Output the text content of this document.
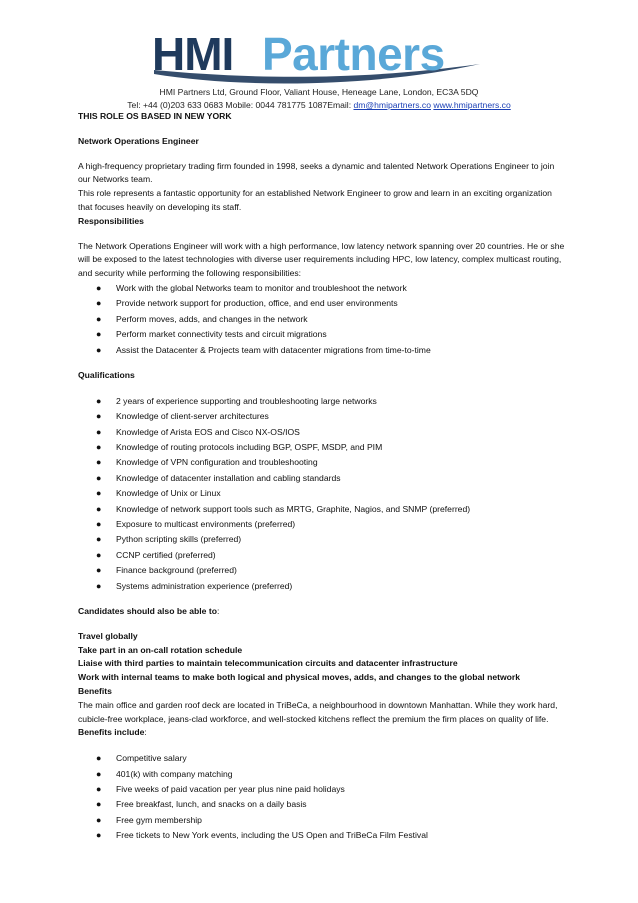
HMI Partners
HMI Partners Ltd, Ground Floor, Valiant House, Heneage Lane, London, EC3A 5DQ
Tel: +44 (0)203 633 0683 Mobile: 0044 781775 1087Email: dm@hmipartners.co www.hmipartners.co

THIS ROLE OS BASED IN NEW YORK

Network Operations Engineer

A high-frequency proprietary trading firm founded in 1998, seeks a dynamic and talented Network Operations Engineer to join our Networks team.

This role represents a fantastic opportunity for an established Network Engineer to grow and learn in an exciting organization that focuses heavily on developing its staff.

Responsibilities

The Network Operations Engineer will work with a high performance, low latency network spanning over 20 countries. He or she will be exposed to the latest technologies with diverse user requirements including HPC, low latency, complex multicast routing, and security while performing the following responsibilities:

● Work with the global Networks team to monitor and troubleshoot the network
● Provide network support for production, office, and end user environments
● Perform moves, adds, and changes in the network
● Perform market connectivity tests and circuit migrations
● Assist the Datacenter & Projects team with datacenter migrations from time-to-time

Qualifications

● 2 years of experience supporting and troubleshooting large networks
● Knowledge of client-server architectures
● Knowledge of Arista EOS and Cisco NX-OS/IOS
● Knowledge of routing protocols including BGP, OSPF, MSDP, and PIM
● Knowledge of VPN configuration and troubleshooting
● Knowledge of datacenter installation and cabling standards
● Knowledge of Unix or Linux
● Knowledge of network support tools such as MRTG, Graphite, Nagios, and SNMP (preferred)
● Exposure to multicast environments (preferred)
● Python scripting skills (preferred)
● CCNP certified (preferred)
● Finance background (preferred)
● Systems administration experience (preferred)

Candidates should also be able to:

Travel globally

Take part in an on-call rotation schedule

Liaise with third parties to maintain telecommunication circuits and datacenter infrastructure

Work with internal teams to make both logical and physical moves, adds, and changes to the global network

Benefits

The main office and garden roof deck are located in TriBeCa, a neighbourhood in downtown Manhattan. While they work hard, cubicle-free workplace, jeans-clad workforce, and well-stocked kitchens reflect the premium the firm places on quality of life. Benefits include:

● Competitive salary
● 401(k) with company matching
● Five weeks of paid vacation per year plus nine paid holidays
● Free breakfast, lunch, and snacks on a daily basis
● Free gym membership
● Free tickets to New York events, including the US Open and TriBeCa Film Festival
